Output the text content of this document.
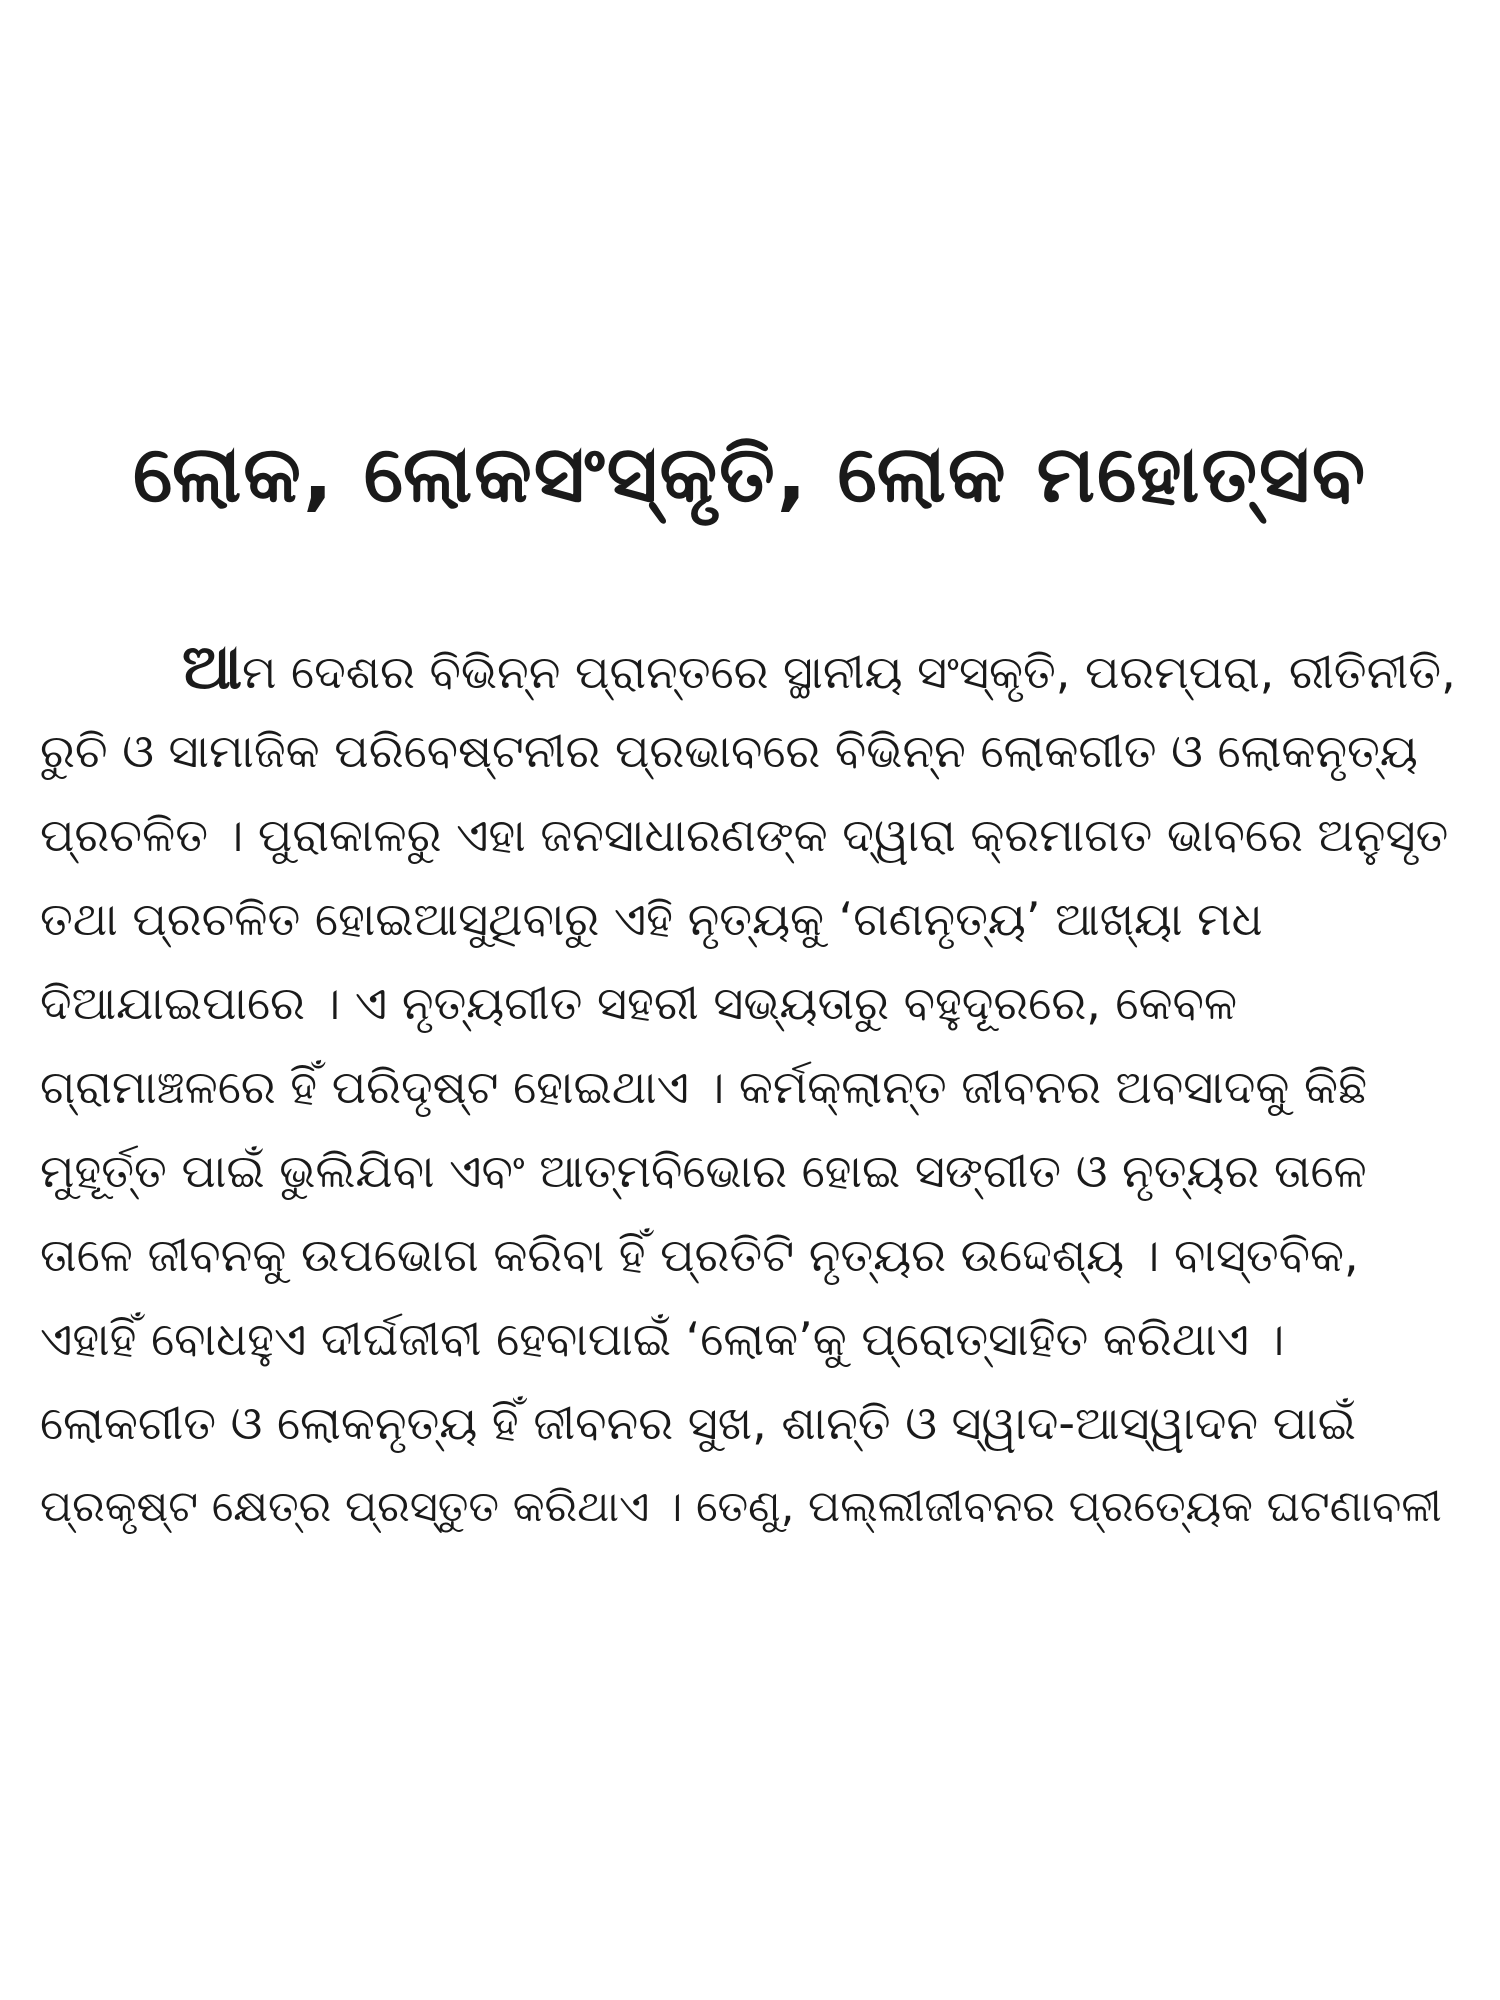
ଲୋକ, ଲୋକସଂସ୍କୃତି, ଲୋକ ମହୋତ୍ସବ
ଆମ ଦେଶର ବିଭିନ୍ନ ପ୍ରାନ୍ତରେ ସ୍ଥାନୀୟ ସଂସ୍କୃତି, ପରମ୍ପରା, ରୀତିନୀତି,
ରୁଚି ଓ ସାମାଜିକ ପରିବେଷ୍ଟନୀର ପ୍ରଭାବରେ ବିଭିନ୍ନ ଲୋକଗୀତ ଓ ଲୋକନୃତ୍ୟ
ପ୍ରଚଳିତ । ପୁରାକାଳରୁ ଏହା ଜନସାଧାରଣଙ୍କ ଦ୍ୱାରା କ୍ରମାଗତ ଭାବରେ ଅନୁସୃତ
ତଥା ପ୍ରଚଳିତ ହୋଇଆସୁଥିବାରୁ ଏହି ନୃତ୍ୟକୁ ‘ଗଣନୃତ୍ୟ’ ଆଖ୍ୟା ମଧ
ଦିଆଯାଇପାରେ । ଏ ନୃତ୍ୟଗୀତ ସହରୀ ସଭ୍ୟତାରୁ ବହୁଦୂରରେ, କେବଳ
ଗ୍ରାମାଞ୍ଚଳରେ ହିଁ ପରିଦୃଷ୍ଟ ହୋଇଥାଏ । କର୍ମକ୍ଲାନ୍ତ ଜୀବନର ଅବସାଦକୁ କିଛି
ମୁହୂର୍ତ୍ତ ପାଇଁ ଭୁଲିଯିବା ଏବଂ ଆତ୍ମବିଭୋର ହୋଇ ସଙ୍ଗୀତ ଓ ନୃତ୍ୟର ତାଳେ
ତାଳେ ଜୀବନକୁ ଉପଭୋଗ କରିବା ହିଁ ପ୍ରତିଟି ନୃତ୍ୟର ଉଦ୍ଦେଶ୍ୟ । ବାସ୍ତବିକ,
ଏହାହିଁ ବୋଧହୁଏ ଦୀର୍ଘଜୀବୀ ହେବାପାଇଁ ‘ଲୋକ’କୁ ପ୍ରୋତ୍ସାହିତ କରିଥାଏ ।
ଲୋକଗୀତ ଓ ଲୋକନୃତ୍ୟ ହିଁ ଜୀବନର ସୁଖ, ଶାନ୍ତି ଓ ସ୍ୱାଦ-ଆସ୍ୱାଦନ ପାଇଁ
ପ୍ରକୃଷ୍ଟ କ୍ଷେତ୍ର ପ୍ରସ୍ତୁତ କରିଥାଏ । ତେଣୁ, ପଲ୍ଲୀଜୀବନର ପ୍ରତ୍ୟେକ ଘଟଣାବଳୀ
